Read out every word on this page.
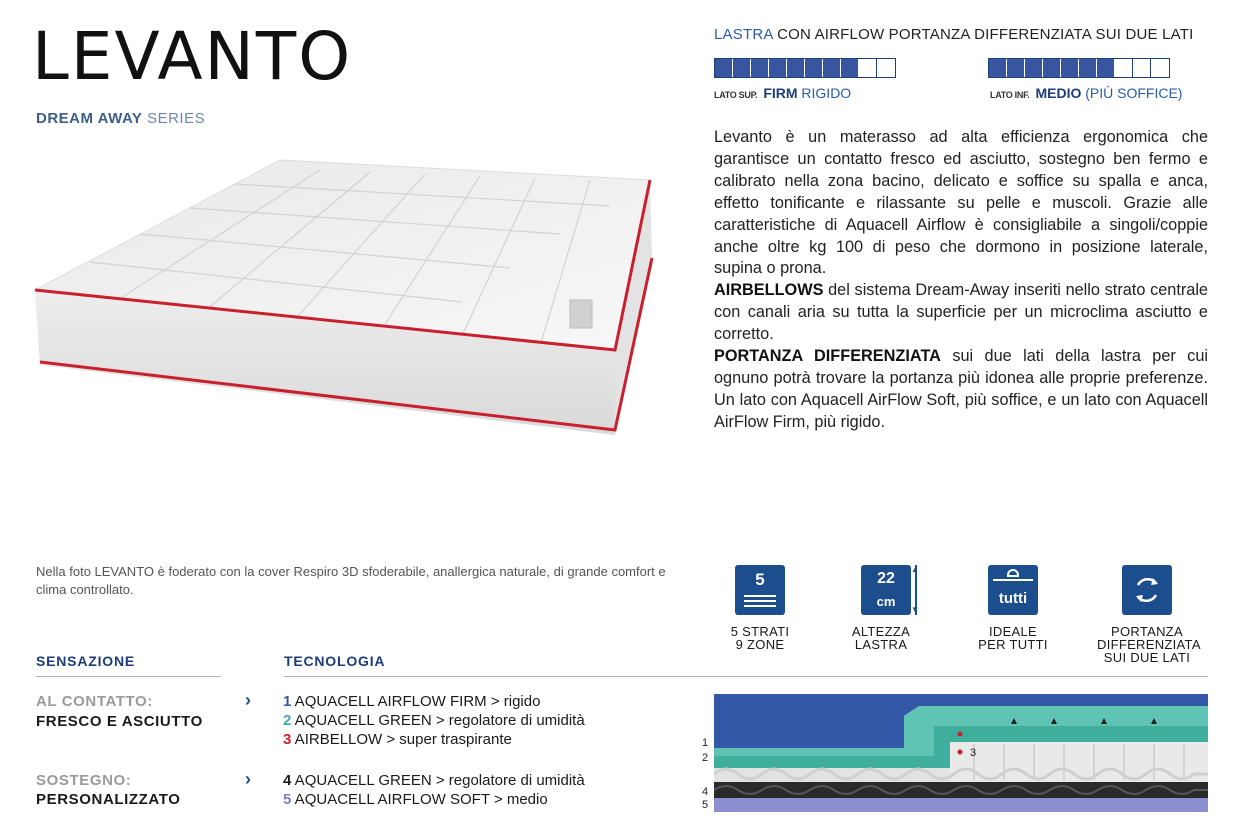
LEVANTO
DREAM AWAY SERIES
Nella foto LEVANTO è foderato con la cover Respiro 3D sfoderabile, anallergica naturale, di grande comfort e clima controllato.
LASTRA CON AIRFLOW PORTANZA DIFFERENZIATA SUI DUE LATI
LATO SUP. FIRM RIGIDO	LATO INF. MEDIO (PIÙ SOFFICE)
Levanto è un materasso ad alta efficienza ergonomica che garantisce un contatto fresco ed asciutto, sostegno ben fermo e calibrato nella zona bacino, delicato e soffice su spalla e anca, effetto tonificante e rilassante su pelle e muscoli. Grazie alle caratteristiche di Aquacell Airflow è consigliabile a singoli/coppie anche oltre kg 100 di peso che dormono in posizione laterale, supina o prona.
AIRBELLOWS del sistema Dream-Away inseriti nello strato centrale con canali aria su tutta la superficie per un microclima asciutto e corretto.
PORTANZA DIFFERENZIATA sui due lati della lastra per cui ognuno potrà trovare la portanza più idonea alle proprie preferenze. Un lato con Aquacell AirFlow Soft, più soffice, e un lato con Aquacell AirFlow Firm, più rigido.
5
5 STRATI
9 ZONE
22
cm
▲
▼
ALTEZZA
LASTRA
tutti
IDEALE
PER TUTTI
PORTANZA
DIFFERENZIATA
SUI DUE LATI
SENSAZIONE
AL CONTATTO:
FRESCO E ASCIUTTO
SOSTEGNO:
PERSONALIZZATO
›
›
TECNOLOGIA
1 AQUACELL AIRFLOW FIRM > rigido
2 AQUACELL GREEN > regolatore di umidità
3 AIRBELLOW > super traspirante
4 AQUACELL GREEN > regolatore di umidità
5 AQUACELL AIRFLOW SOFT > medio
3
1
2
4
5
